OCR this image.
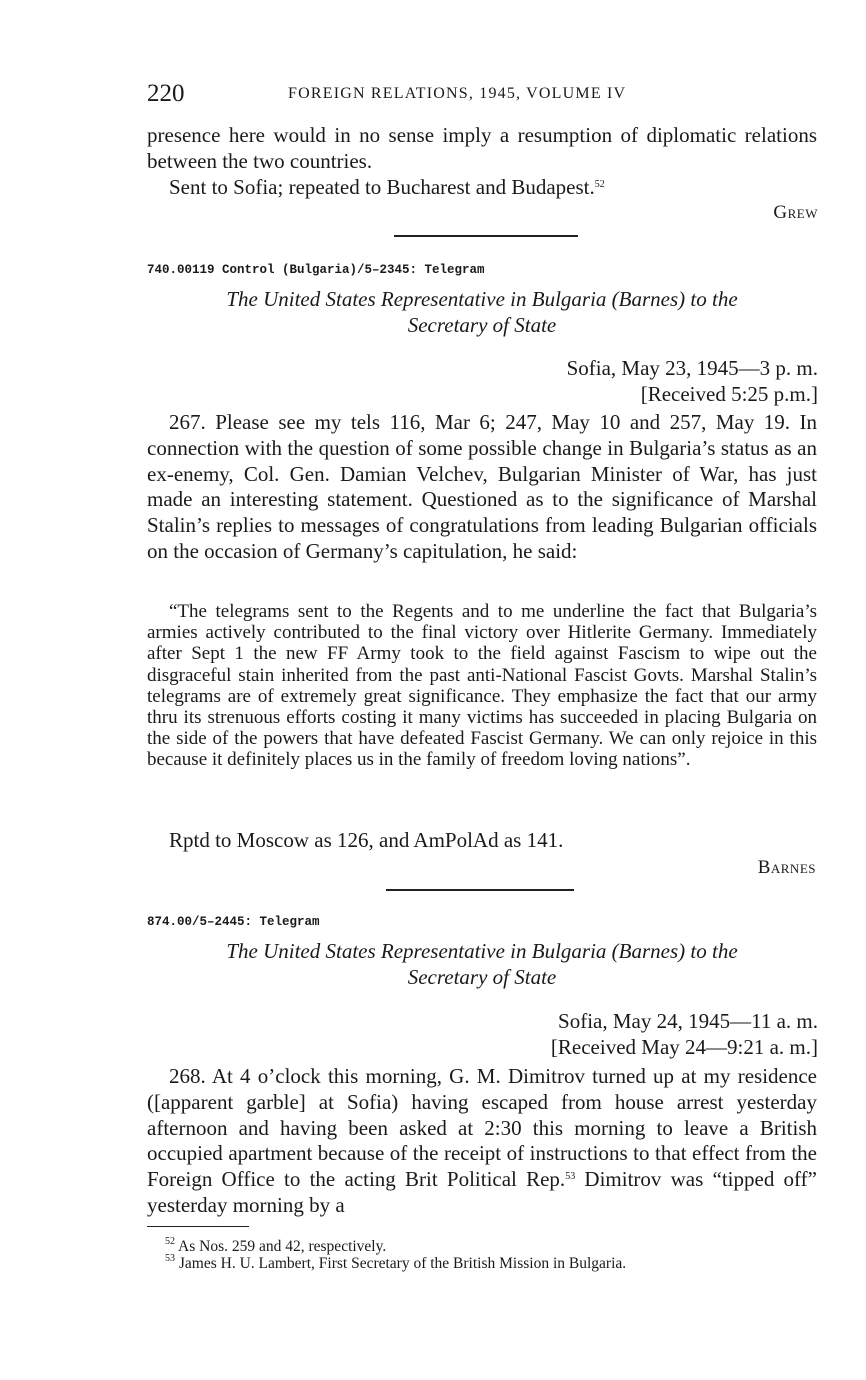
220	FOREIGN RELATIONS, 1945, VOLUME IV

presence here would in no sense imply a resumption of diplomatic relations between the two countries.

Sent to Sofia; repeated to Bucharest and Budapest.$^{52}$

Grew
740.00119 Control (Bulgaria)/5–2345: Telegram

The United States Representative in Bulgaria (Barnes) to the

Secretary of State

Sofia, May 23, 1945—3 p. m.

[Received 5:25 p.m.]

267. Please see my tels 116, Mar 6; 247, May 10 and 257, May 19. In connection with the question of some possible change in Bulgaria’s status as an ex-enemy, Col. Gen. Damian Velchev, Bulgarian Minister of War, has just made an interesting statement. Questioned as to the significance of Marshal Stalin’s replies to messages of congratulations from leading Bulgarian officials on the occasion of Germany’s capitulation, he said:

“The telegrams sent to the Regents and to me underline the fact that Bulgaria’s armies actively contributed to the final victory over Hitlerite Germany. Immediately after Sept 1 the new FF Army took to the field against Fascism to wipe out the disgraceful stain inherited from the past anti-National Fascist Govts. Marshal Stalin’s telegrams are of extremely great significance. They emphasize the fact that our army thru its strenuous efforts costing it many victims has succeeded in placing Bulgaria on the side of the powers that have defeated Fascist Germany. We can only rejoice in this because it definitely places us in the family of freedom loving nations”.

Rptd to Moscow as 126, and AmPolAd as 141.
Barnes
874.00/5–2445: Telegram

The United States Representative in Bulgaria (Barnes) to the

Secretary of State

Sofia, May 24, 1945—11 a. m.

[Received May 24—9:21 a. m.]

268. At 4 o’clock this morning, G. M. Dimitrov turned up at my residence ([apparent garble] at Sofia) having escaped from house arrest yesterday afternoon and having been asked at 2:30 this morning to leave a British occupied apartment because of the receipt of instructions to that effect from the Foreign Office to the acting Brit Political Rep.$^{53}$ Dimitrov was “tipped off” yesterday morning by a

$^{52}$ As Nos. 259 and 42, respectively.

$^{53}$ James H. U. Lambert, First Secretary of the British Mission in Bulgaria.
